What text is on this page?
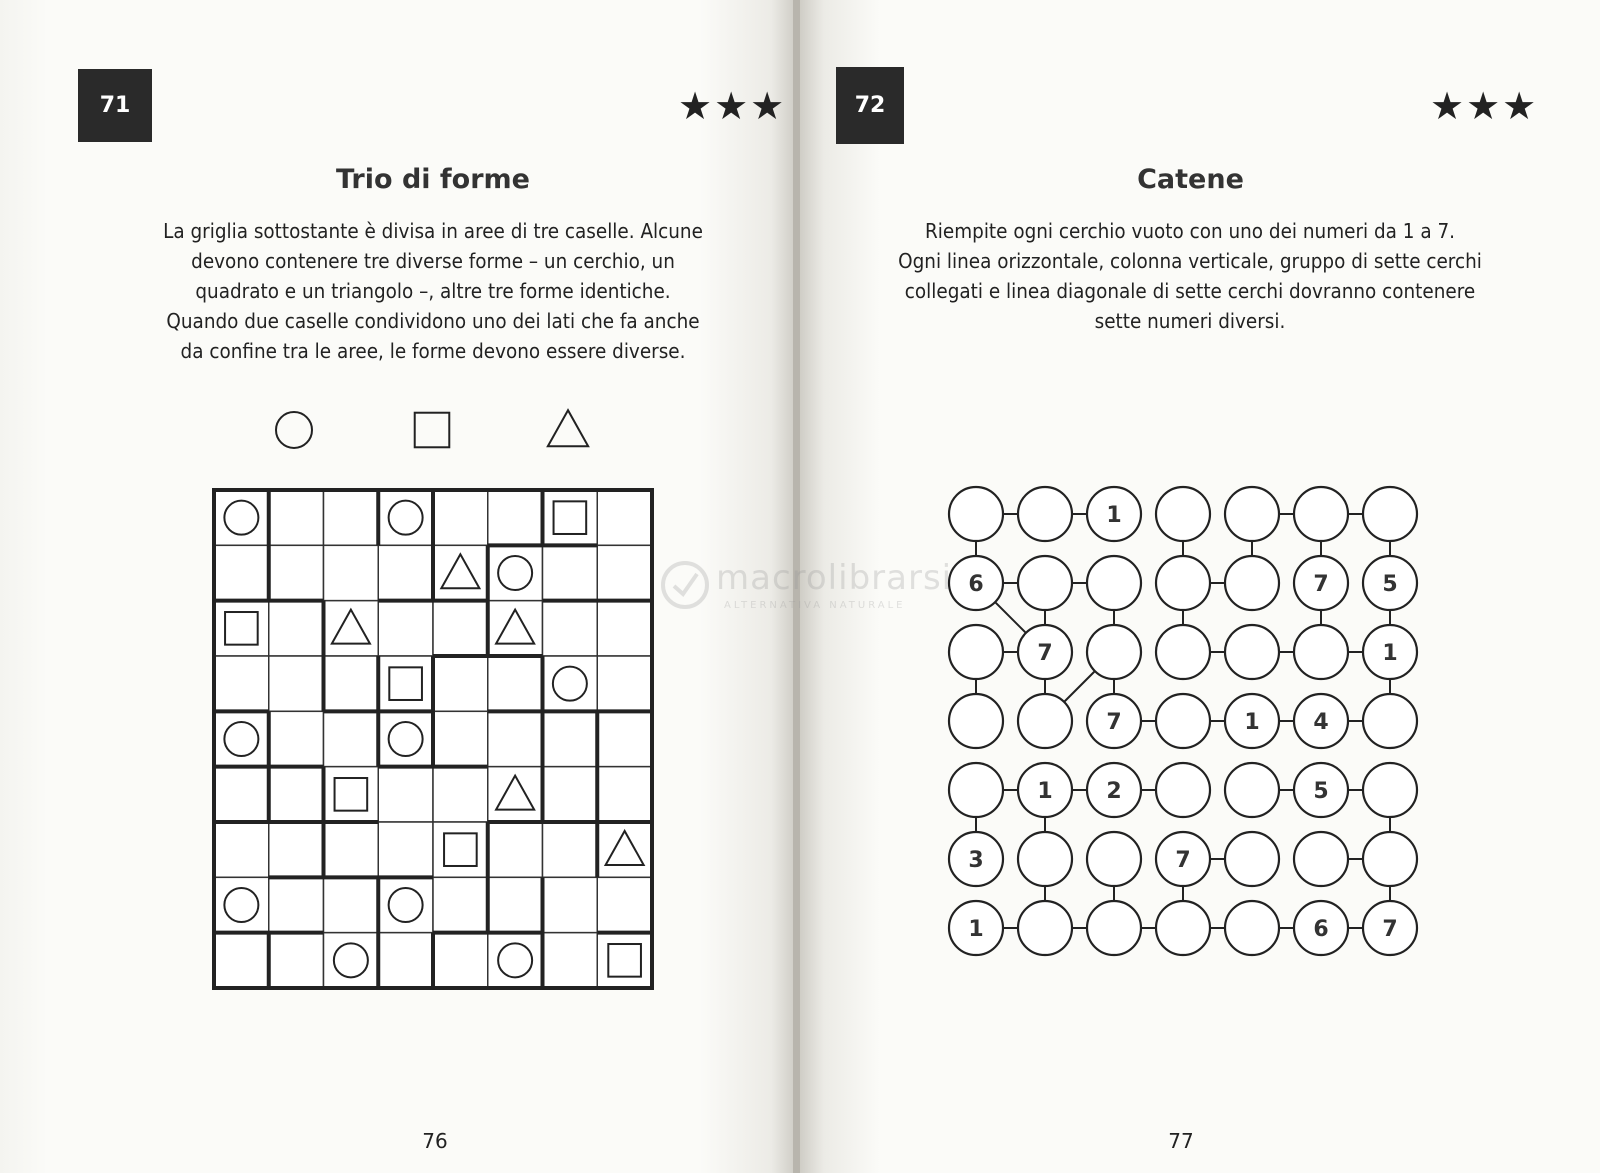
71	★★★
Trio di forme
La griglia sottostante è divisa in aree di tre caselle. Alcune
devono contenere tre diverse forme – un cerchio, un
quadrato e un triangolo –, altre tre forme identiche.
Quando due caselle condividono uno dei lati che fa anche
da confine tra le aree, le forme devono essere diverse.
76
72	★★★
Catene
Riempite ogni cerchio vuoto con uno dei numeri da 1 a 7.
Ogni linea orizzontale, colonna verticale, gruppo di sette cerchi
collegati e linea diagonale di sette cerchi dovranno contenere
sette numeri diversi.
1
6	7 5
7	1
7	1 4
1 2	5
3	7
1	6 7
77
macrolibrarsi
ALTERNATIVA NATURALE
